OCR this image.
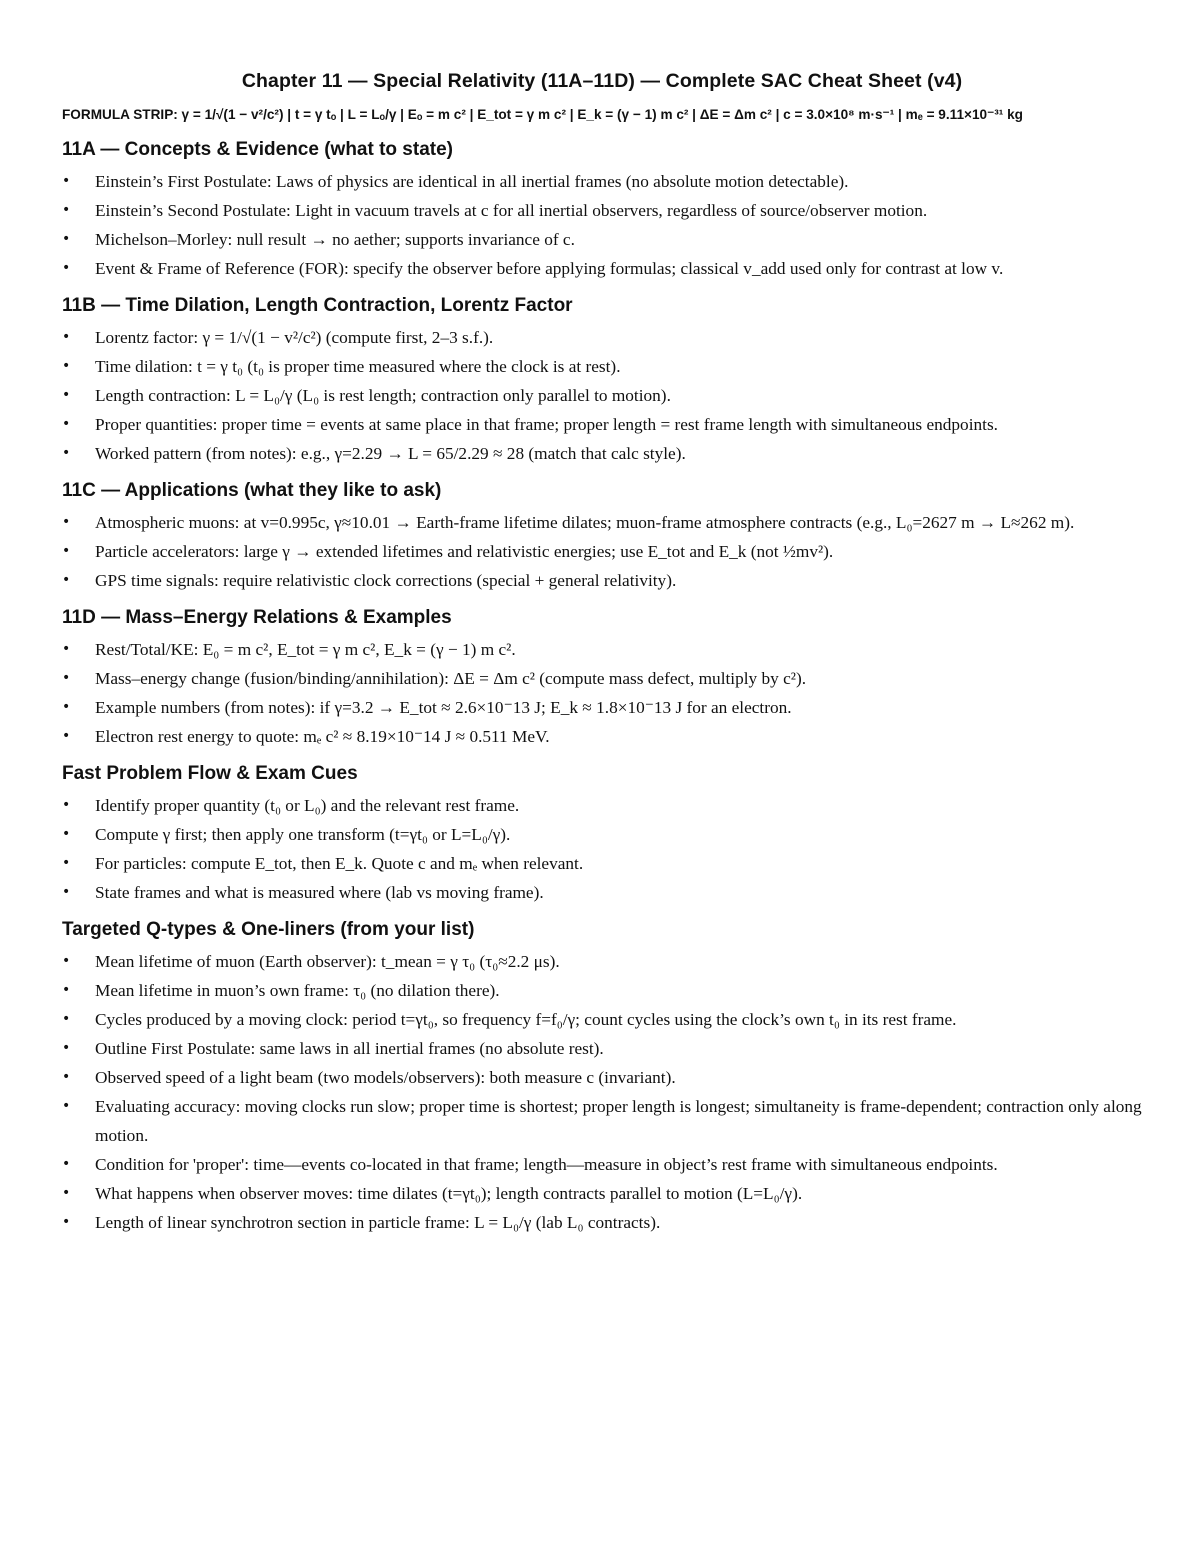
Chapter 11 — Special Relativity (11A–11D) — Complete SAC Cheat Sheet (v4)
FORMULA STRIP: γ = 1/√(1 − v²/c²) | t = γ tₒ | L = Lₒ/γ | Eₒ = m c² | E_tot = γ m c² | E_k = (γ − 1) m c² | ΔE = Δm c² | c = 3.0×10⁸ m·s⁻¹ | mₑ = 9.11×10⁻³¹ kg
11A — Concepts & Evidence (what to state)
• Einstein’s First Postulate: Laws of physics are identical in all inertial frames (no absolute motion detectable).
• Einstein’s Second Postulate: Light in vacuum travels at c for all inertial observers, regardless of source/observer motion.
• Michelson–Morley: null result → no aether; supports invariance of c.
• Event & Frame of Reference (FOR): specify the observer before applying formulas; classical v_add used only for contrast at low v.
11B — Time Dilation, Length Contraction, Lorentz Factor
• Lorentz factor: γ = 1/√(1 − v²/c²) (compute first, 2–3 s.f.).
• Time dilation: t = γ t₀ (t₀ is proper time measured where the clock is at rest).
• Length contraction: L = L₀/γ (L₀ is rest length; contraction only parallel to motion).
• Proper quantities: proper time = events at same place in that frame; proper length = rest frame length with simultaneous endpoints.
• Worked pattern (from notes): e.g., γ=2.29 → L = 65/2.29 ≈ 28 (match that calc style).
11C — Applications (what they like to ask)
• Atmospheric muons: at v=0.995c, γ≈10.01 → Earth-frame lifetime dilates; muon-frame atmosphere contracts (e.g., L₀=2627 m → L≈262 m).
• Particle accelerators: large γ → extended lifetimes and relativistic energies; use E_tot and E_k (not ½mv²).
• GPS time signals: require relativistic clock corrections (special + general relativity).
11D — Mass–Energy Relations & Examples
• Rest/Total/KE: E₀ = m c², E_tot = γ m c², E_k = (γ − 1) m c².
• Mass–energy change (fusion/binding/annihilation): ΔE = Δm c² (compute mass defect, multiply by c²).
• Example numbers (from notes): if γ=3.2 → E_tot ≈ 2.6×10⁻13 J; E_k ≈ 1.8×10⁻13 J for an electron.
• Electron rest energy to quote: mₑ c² ≈ 8.19×10⁻14 J ≈ 0.511 MeV.
Fast Problem Flow & Exam Cues
• Identify proper quantity (t₀ or L₀) and the relevant rest frame.
• Compute γ first; then apply one transform (t=γt₀ or L=L₀/γ).
• For particles: compute E_tot, then E_k. Quote c and mₑ when relevant.
• State frames and what is measured where (lab vs moving frame).
Targeted Q-types & One-liners (from your list)
• Mean lifetime of muon (Earth observer): t_mean = γ τ₀ (τ₀≈2.2 μs).
• Mean lifetime in muon’s own frame: τ₀ (no dilation there).
• Cycles produced by a moving clock: period t=γt₀, so frequency f=f₀/γ; count cycles using the clock’s own t₀ in its rest frame.
• Outline First Postulate: same laws in all inertial frames (no absolute rest).
• Observed speed of a light beam (two models/observers): both measure c (invariant).
• Evaluating accuracy: moving clocks run slow; proper time is shortest; proper length is longest; simultaneity is frame-dependent; contraction only along motion.
• Condition for 'proper': time—events co-located in that frame; length—measure in object’s rest frame with simultaneous endpoints.
• What happens when observer moves: time dilates (t=γt₀); length contracts parallel to motion (L=L₀/γ).
• Length of linear synchrotron section in particle frame: L = L₀/γ (lab L₀ contracts).
